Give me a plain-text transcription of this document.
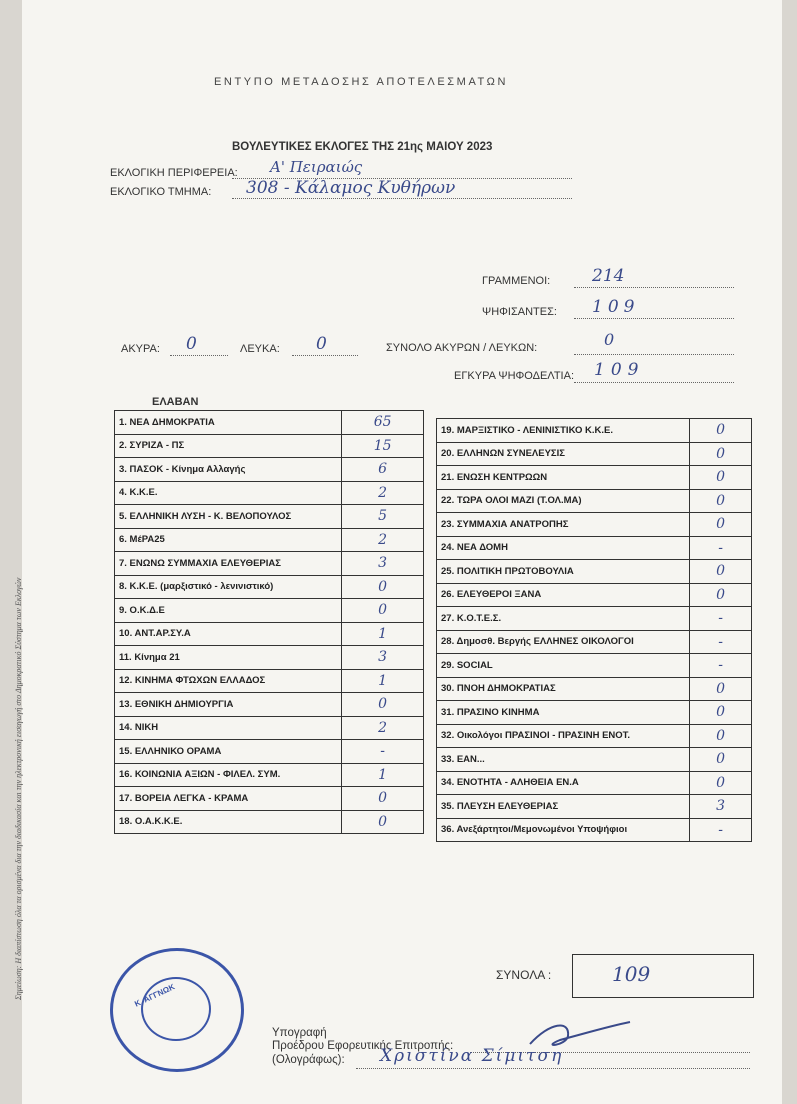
ΕΝΤΥΠΟ ΜΕΤΑΔΟΣΗΣ ΑΠΟΤΕΛΕΣΜΑΤΩΝ
ΒΟΥΛΕΥΤΙΚΕΣ ΕΚΛΟΓΕΣ ΤΗΣ 21ης ΜΑΙΟΥ 2023
ΕΚΛΟΓΙΚΗ ΠΕΡΙΦΕΡΕΙΑ: Α' Πειραιώς
ΕΚΛΟΓΙΚΟ ΤΜΗΜΑ: 308 - Κάλαμος Κυθήρων
ΓΡΑΜΜΕΝΟΙ: 214
ΨΗΦΙΣΑΝΤΕΣ: 109
ΑΚΥΡΑ: 0	ΛΕΥΚΑ: 0	ΣΥΝΟΛΟ ΑΚΥΡΩΝ / ΛΕΥΚΩΝ:	0
ΕΓΚΥΡΑ ΨΗΦΟΔΕΛΤΙΑ: 109
ΕΛΑΒΑΝ
1. ΝΕΑ ΔΗΜΟΚΡΑΤΙΑ	65
2. ΣΥΡΙΖΑ - ΠΣ	15
3. ΠΑΣΟΚ - Κίνημα Αλλαγής	6
4. Κ.Κ.Ε.	2
5. ΕΛΛΗΝΙΚΗ ΛΥΣΗ - Κ. ΒΕΛΟΠΟΥΛΟΣ	5
6. ΜέΡΑ25	2
7. ΕΝΩΝΩ ΣΥΜΜΑΧΙΑ ΕΛΕΥΘΕΡΙΑΣ	3
8. Κ.Κ.Ε. (μαρξιστικό - λενινιστικό)	0
9. Ο.Κ.Δ.Ε	0
10. ΑΝΤ.ΑΡ.ΣΥ.Α	1
11. Κίνημα 21	3
12. ΚΙΝΗΜΑ ΦΤΩΧΩΝ ΕΛΛΑΔΟΣ	1
13. ΕΘΝΙΚΗ ΔΗΜΙΟΥΡΓΙΑ	0
14. ΝΙΚΗ	2
15. ΕΛΛΗΝΙΚΟ ΟΡΑΜΑ	-
16. ΚΟΙΝΩΝΙΑ ΑΞΙΩΝ - ΦΙΛΕΛ. ΣΥΜ.	1
17. ΒΟΡΕΙΑ ΛΕΓΚΑ - ΚΡΑΜΑ	0
18. Ο.Α.Κ.Κ.Ε.	0
19. ΜΑΡΞΙΣΤΙΚΟ - ΛΕΝΙΝΙΣΤΙΚΟ Κ.Κ.Ε.	0
20. ΕΛΛΗΝΩΝ ΣΥΝΕΛΕΥΣΙΣ	0
21. ΕΝΩΣΗ ΚΕΝΤΡΩΩΝ	0
22. ΤΩΡΑ ΟΛΟΙ ΜΑΖΙ (Τ.ΟΛ.ΜΑ)	0
23. ΣΥΜΜΑΧΙΑ ΑΝΑΤΡΟΠΗΣ	0
24. ΝΕΑ ΔΟΜΗ	-
25. ΠΟΛΙΤΙΚΗ ΠΡΩΤΟΒΟΥΛΙΑ	0
26. ΕΛΕΥΘΕΡΟΙ ΞΑΝΑ	0
27. Κ.Ο.Τ.Ε.Σ.	-
28. Δημοσθ. Βεργής ΕΛΛΗΝΕΣ ΟΙΚΟΛΟΓΟΙ	-
29. SOCIAL	-
30. ΠΝΟΗ ΔΗΜΟΚΡΑΤΙΑΣ	0
31. ΠΡΑΣΙΝΟ ΚΙΝΗΜΑ	0
32. Οικολόγοι ΠΡΑΣΙΝΟΙ - ΠΡΑΣΙΝΗ ΕΝΟΤ.	0
33. ΕΑΝ...	0
34. ΕΝΟΤΗΤΑ - ΑΛΗΘΕΙΑ ΕΝ.Α	0
35. ΠΛΕΥΣΗ ΕΛΕΥΘΕΡΙΑΣ	3
36. Ανεξάρτητοι/Μεμονωμένοι Υποψήφιοι	-
ΣΥΝΟΛΑ :	109
Υπογραφή
Προέδρου Εφορευτικής Επιτροπής:
(Ολογράφως): Χριστίνα Σίμιτση
Κ. ΑΓΓΝΩΚ
Σημείωση: Η διαπίστωση όλα τα ορισμένα δια την διαδικασία και την ηλεκτρονική εισαγωγή στο Δημοκρατικό Σύστημα των Εκλογών
